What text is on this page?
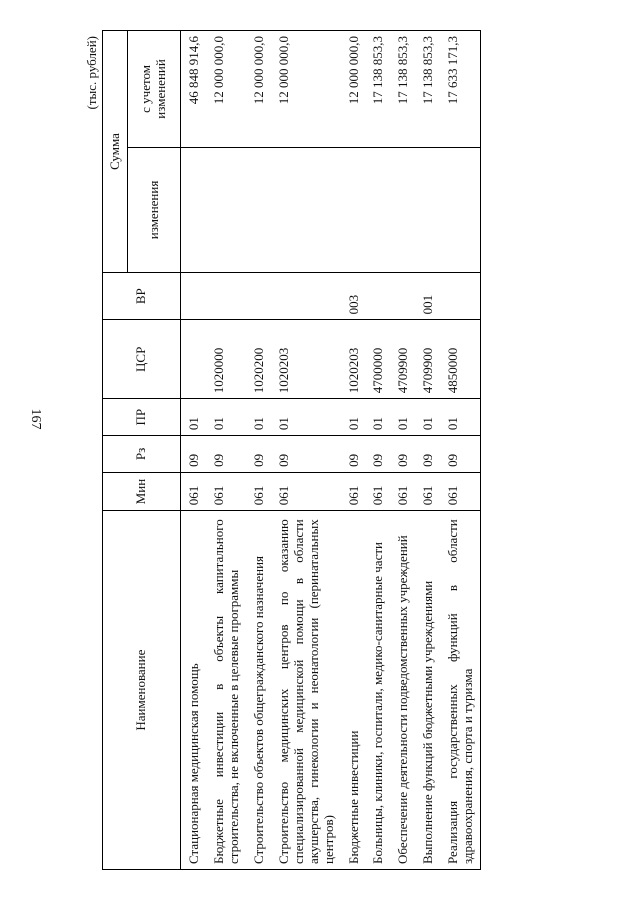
167
(тыс. рублей)
Наименование	Мин	Рз	ПР	ЦСР	ВР	Сумма	
						изменения	с учетом изменений
Стационарная медицинская помощь	061	09	01				46 848 914,6
Бюджетные инвестиции в объекты капитального строительства, не включенные в целевые программы	061	09	01	1020000			12 000 000,0
Строительство объектов общегражданского назначения	061	09	01	1020200			12 000 000,0
Строительство медицинских центров по оказанию специализированной медицинской помощи в области акушерства, гинекологии и неонатологии (перинатальных центров)	061	09	01	1020203			12 000 000,0
Бюджетные инвестиции	061	09	01	1020203	003		12 000 000,0
Больницы, клиники, госпитали, медико-санитарные части	061	09	01	4700000			17 138 853,3
Обеспечение деятельности подведомственных учреждений	061	09	01	4709900			17 138 853,3
Выполнение функций бюджетными учреждениями	061	09	01	4709900	001		17 138 853,3
Реализация государственных функций в области здравоохранения, спорта и туризма	061	09	01	4850000			17 633 171,3
